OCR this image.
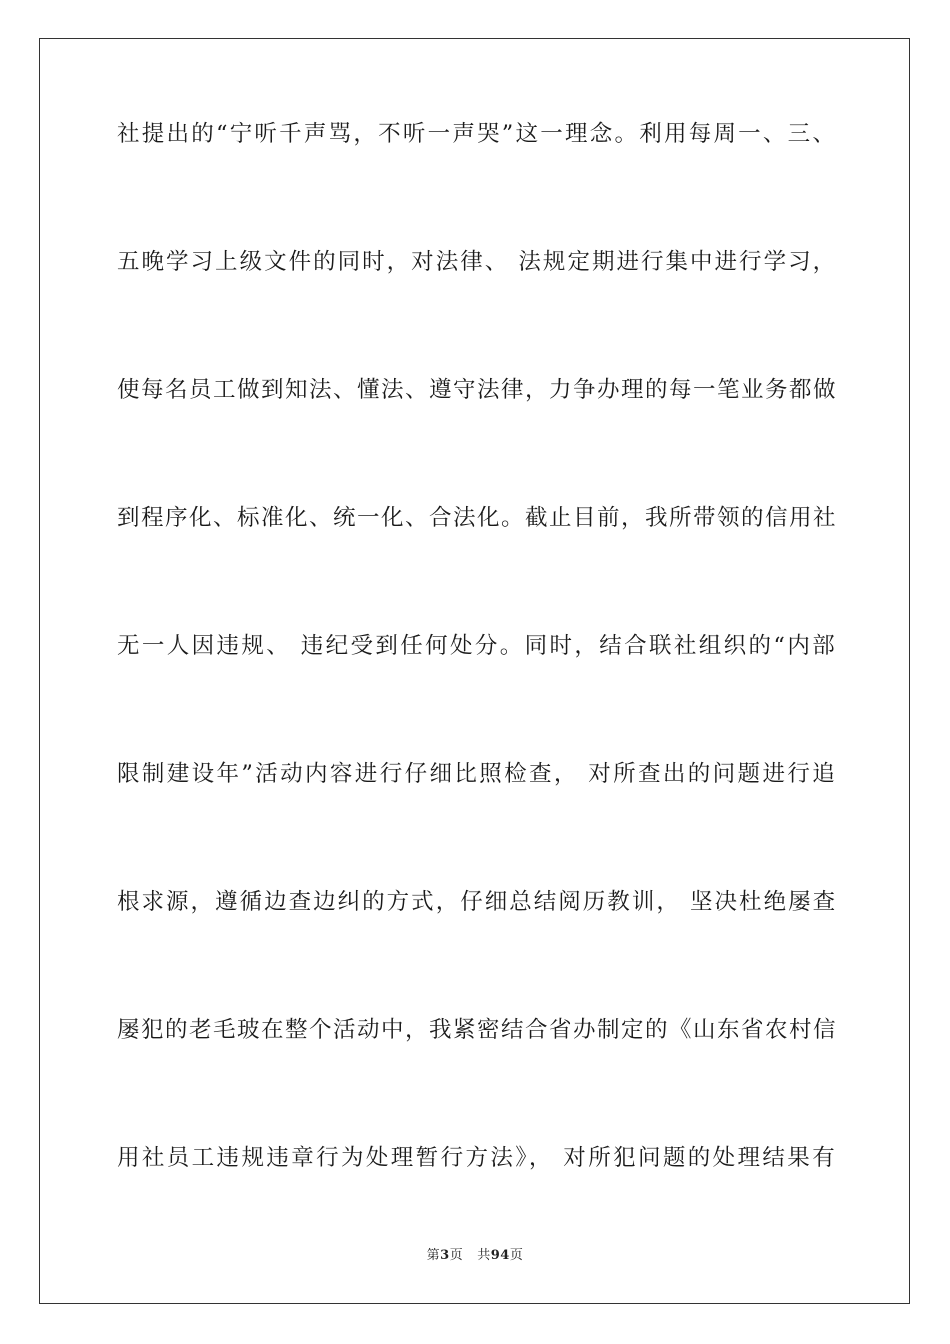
社提出的“宁听千声骂，不听一声哭”这一理念。利用每周一、三、
五晚学习上级文件的同时，对法律、 法规定期进行集中进行学习，
使每名员工做到知法、懂法、遵守法律，力争办理的每一笔业务都做
到程序化、标准化、统一化、合法化。截止目前，我所带领的信用社
无一人因违规、 违纪受到任何处分。同时，结合联社组织的“内部
限制建设年”活动内容进行仔细比照检查， 对所查出的问题进行追
根求源，遵循边查边纠的方式，仔细总结阅历教训， 坚决杜绝屡查
屡犯的老毛玻在整个活动中，我紧密结合省办制定的《山东省农村信
用社员工违规违章行为处理暂行方法》， 对所犯问题的处理结果有
第3页 共94页
